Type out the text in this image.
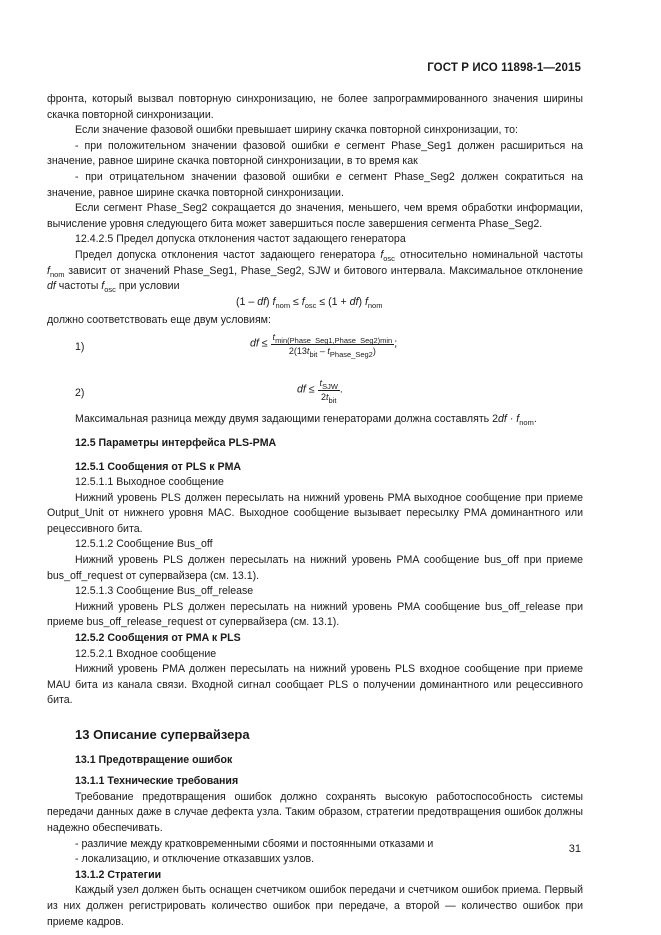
ГОСТ Р ИСО 11898-1—2015

фронта, который вызвал повторную синхронизацию, не более запрограммированного значения ширины скачка повторной синхронизации.

Если значение фазовой ошибки превышает ширину скачка повторной синхронизации, то:

- при положительном значении фазовой ошибки e сегмент Phase_Seg1 должен расшириться на значение, равное ширине скачка повторной синхронизации, в то время как

- при отрицательном значении фазовой ошибки e сегмент Phase_Seg2 должен сократиться на значение, равное ширине скачка повторной синхронизации.

Если сегмент Phase_Seg2 сокращается до значения, меньшего, чем время обработки информации, вычисление уровня следующего бита может завершиться после завершения сегмента Phase_Seg2.

12.4.2.5 Предел допуска отклонения частот задающего генератора

Предел допуска отклонения частот задающего генератора $f_{osc}$ относительно номинальной частоты $f_{nom}$ зависит от значений Phase_Seg1, Phase_Seg2, SJW и битового интервала. Максимальное отклонение df частоты $f_{osc}$ при условии

(1 – df) $f_{nom} \le f_{osc} \le (1 + df)$ $f_{nom}$

должно соответствовать еще двум условиям:

1)	df ≤ $\frac{t_{min(Phase\_Seg1,Phase\_Seg2)min}}{2(13t_{bit} - t_{Phase\_Seg2})}$ ;
2)	df ≤ $\frac{t_{SJW}}{2t_{bit}}$ .

Максимальная разница между двумя задающими генераторами должна составлять $2df \cdot f_{nom}$.

12.5 Параметры интерфейса PLS-PMA

12.5.1 Сообщения от PLS к PMA

12.5.1.1 Выходное сообщение

Нижний уровень PLS должен пересылать на нижний уровень PMA выходное сообщение при приеме Output_Unit от нижнего уровня MAC. Выходное сообщение вызывает пересылку PMA доминантного или рецессивного бита.

12.5.1.2 Сообщение Bus_off

Нижний уровень PLS должен пересылать на нижний уровень PMA сообщение bus_off при приеме bus_off_request от супервайзера (см. 13.1).

12.5.1.3 Сообщение Bus_off_release

Нижний уровень PLS должен пересылать на нижний уровень PMA сообщение bus_off_release при приеме bus_off_release_request от супервайзера (см. 13.1).

12.5.2 Сообщения от PMA к PLS

12.5.2.1 Входное сообщение

Нижний уровень PMA должен пересылать на нижний уровень PLS входное сообщение при приеме MAU бита из канала связи. Входной сигнал сообщает PLS о получении доминантного или рецессивного бита.

13 Описание супервайзера
13.1 Предотвращение ошибок

13.1.1 Технические требования

Требование предотвращения ошибок должно сохранять высокую работоспособность системы передачи данных даже в случае дефекта узла. Таким образом, стратегии предотвращения ошибок должны надежно обеспечивать.

- различие между кратковременными сбоями и постоянными отказами и

- локализацию, и отключение отказавших узлов.

13.1.2 Стратегии

Каждый узел должен быть оснащен счетчиком ошибок передачи и счетчиком ошибок приема. Первый из них должен регистрировать количество ошибок при передаче, а второй — количество ошибок при приеме кадров.

31
